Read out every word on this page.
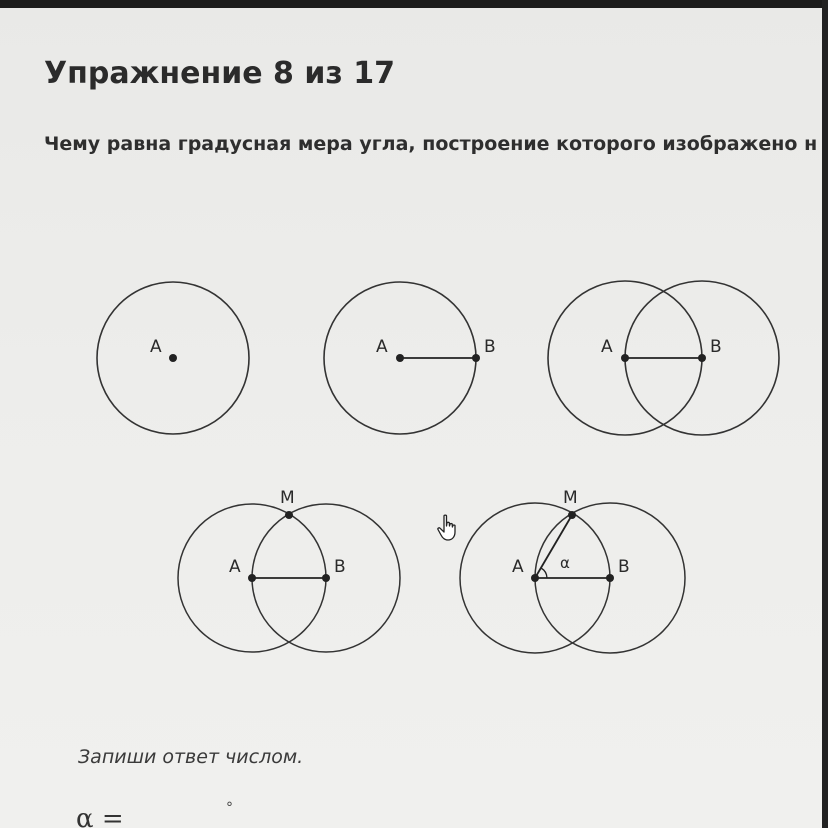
Упражнение 8 из 17

Чему равна градусная мера угла, построение которого изображено н

A	A	B	A	B
A	B
M
A	B
M
α

Запиши ответ числом.

α =	°
